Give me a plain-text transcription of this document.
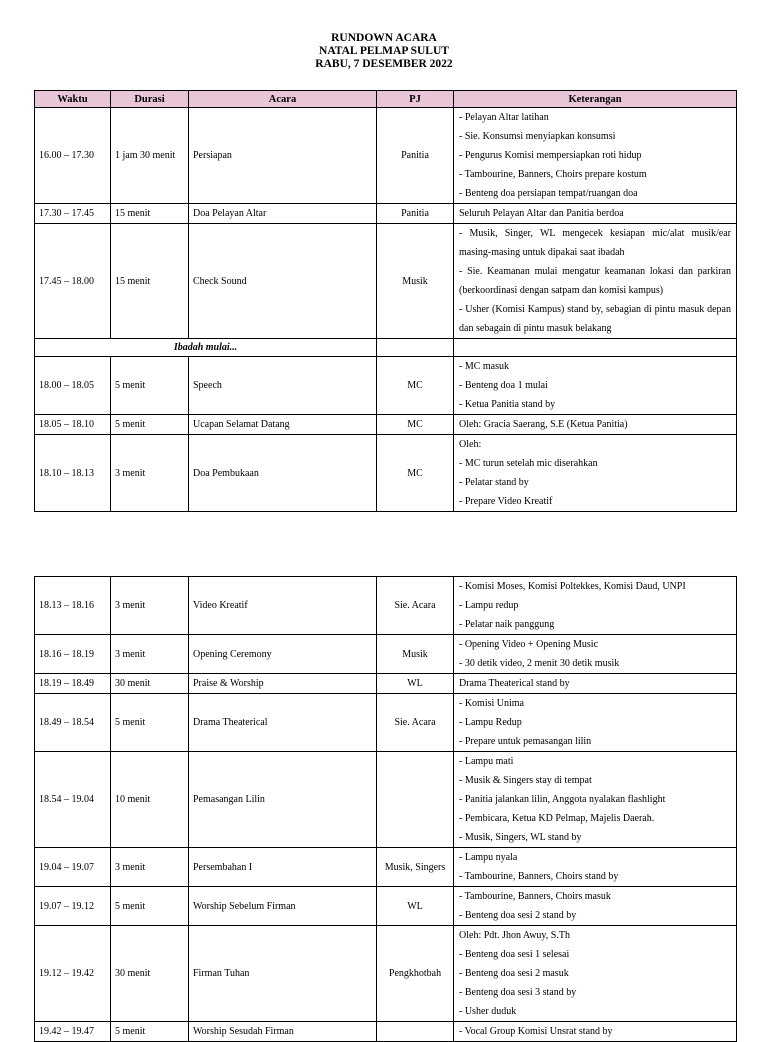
RUNDOWN ACARA
NATAL PELMAP SULUT
RABU, 7 DESEMBER 2022
Waktu	Durasi	Acara	PJ	Keterangan
16.00 – 17.30	1 jam 30 menit	Persiapan	Panitia	- Pelayan Altar latihan
- Sie. Konsumsi menyiapkan konsumsi
- Pengurus Komisi mempersiapkan roti hidup
- Tambourine, Banners, Choirs prepare kostum
- Benteng doa persiapan tempat/ruangan doa

17.30 – 17.45	15 menit	Doa Pelayan Altar	Panitia	Seluruh Pelayan Altar dan Panitia berdoa

17.45 – 18.00	15 menit	Check Sound	Musik	- Musik, Singer, WL mengecek kesiapan mic/alat musik/ear masing-masing untuk dipakai saat ibadah
- Sie. Keamanan mulai mengatur keamanan lokasi dan parkiran (berkoordinasi dengan satpam dan komisi kampus)
- Usher (Komisi Kampus) stand by, sebagian di pintu masuk depan dan sebagain di pintu masuk belakang

Ibadah mulai...				
18.00 – 18.05	5 menit	Speech	MC	- MC masuk
- Benteng doa 1 mulai
- Ketua Panitia stand by

18.05 – 18.10	5 menit	Ucapan Selamat Datang	MC	Oleh: Gracia Saerang, S.E (Ketua Panitia)

18.10 – 18.13	3 menit	Doa Pembukaan	MC	Oleh:
- MC turun setelah mic diserahkan
- Pelatar stand by
- Prepare Video Kreatif
18.13 – 18.16	3 menit	Video Kreatif	Sie. Acara	- Komisi Moses, Komisi Poltekkes, Komisi Daud, UNPI
- Lampu redup
- Pelatar naik panggung

18.16 – 18.19	3 menit	Opening Ceremony	Musik	- Opening Video + Opening Music
- 30 detik video, 2 menit 30 detik musik

18.19 – 18.49	30 menit	Praise & Worship	WL	Drama Theaterical stand by

18.49 – 18.54	5 menit	Drama Theaterical	Sie. Acara	- Komisi Unima
- Lampu Redup
- Prepare untuk pemasangan lilin

18.54 – 19.04	10 menit	Pemasangan Lilin		- Lampu mati
- Musik & Singers stay di tempat
- Panitia jalankan lilin, Anggota nyalakan flashlight
- Pembicara, Ketua KD Pelmap, Majelis Daerah.
- Musik, Singers, WL stand by

19.04 – 19.07	3 menit	Persembahan I	Musik, Singers	- Lampu nyala
- Tambourine, Banners, Choirs stand by

19.07 – 19.12	5 menit	Worship Sebelum Firman	WL	- Tambourine, Banners, Choirs masuk
- Benteng doa sesi 2 stand by

19.12 – 19.42	30 menit	Firman Tuhan	Pengkhotbah	Oleh: Pdt. Jhon Awuy, S.Th
- Benteng doa sesi 1 selesai
- Benteng doa sesi 2 masuk
- Benteng doa sesi 3 stand by
- Usher duduk

19.42 – 19.47	5 menit	Worship Sesudah Firman		- Vocal Group Komisi Unsrat stand by
